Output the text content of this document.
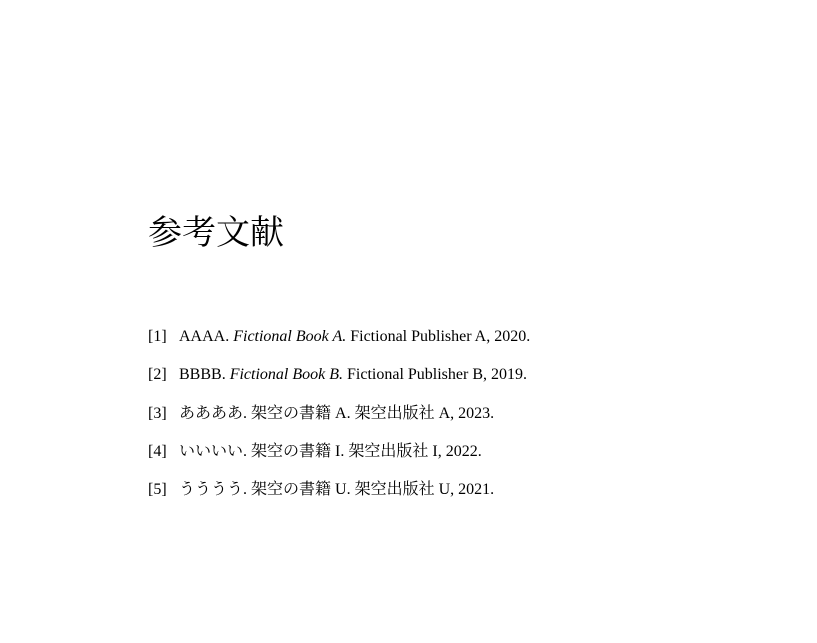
参考文献
[1] AAAA . Fictional Book A . Fictional Publisher A , 2020 .
[2] BBBB . Fictional Book B . Fictional Publisher B , 2019 .
[3] ああああ . 架空の書籍 A . 架空出版社 A , 2023 .
[4] いいいい . 架空の書籍 I . 架空出版社 I , 2022 .
[5] うううう . 架空の書籍 U . 架空出版社 U , 2021 .
